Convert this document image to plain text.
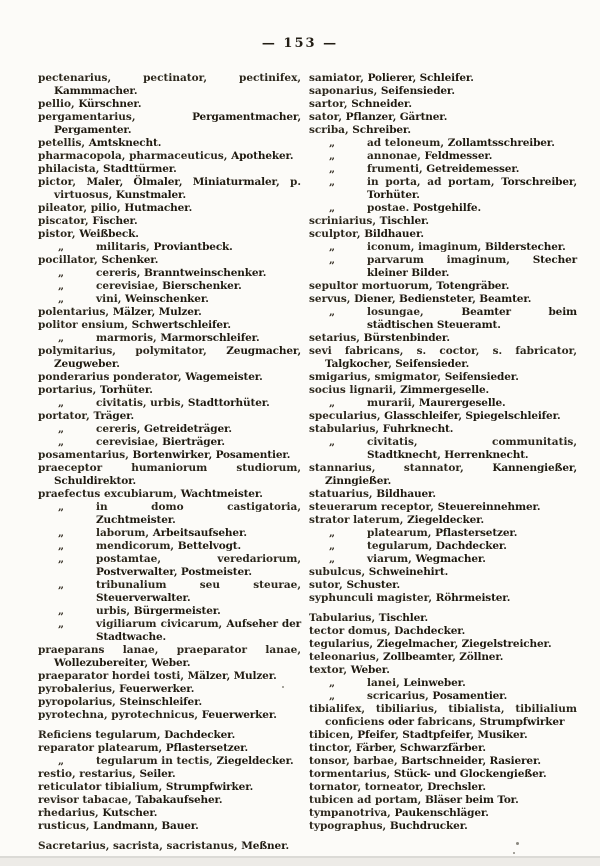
— 153 —
pectenarius, pectinator, pectinifex, Kammmacher.
pellio, Kürschner.
pergamentarius, Pergamentmacher, Pergamenter.
petellis, Amtsknecht.
pharmacopola, pharmaceuticus, Apotheker.
philacista, Stadttürmer.
pictor, Maler, Ölmaler, Miniaturmaler, p. virtuosus, Kunstmaler.
pileator, pilio, Hutmacher.
piscator, Fischer.
pistor, Weißbeck.
„	militaris, Proviantbeck.
pocillator, Schenker.
„	cereris, Branntweinschenker.
„	cerevisiae, Bierschenker.
„	vini, Weinschenker.
polentarius, Mälzer, Mulzer.
politor ensium, Schwertschleifer.
„	marmoris, Marmorschleifer.
polymitarius, polymitator, Zeugmacher, Zeugweber.
ponderarius ponderator, Wagemeister.
portarius, Torhüter.
„	civitatis, urbis, Stadttorhüter.
portator, Träger.
„	cereris, Getreideträger.
„	cerevisiae, Bierträger.
posamentarius, Bortenwirker, Posamentier.
praeceptor humaniorum studiorum, Schuldirektor.
praefectus excubiarum, Wachtmeister.
„	in domo castigatoria, Zuchtmeister.
„	laborum, Arbeitsaufseher.
„	mendicorum, Bettelvogt.
„	postamtae, veredariorum, Postverwalter, Postmeister.
„	tribunalium seu steurae, Steuerverwalter.
„	urbis, Bürgermeister.
„	vigiliarum civicarum, Aufseher der Stadtwache.
praeparans lanae, praeparator lanae, Wollezubereiter, Weber.
praeparator hordei tosti, Mälzer, Mulzer.
pyrobalerius, Feuerwerker.
pyropolarius, Steinschleifer.
pyrotechna, pyrotechnicus, Feuerwerker.
Reficiens tegularum, Dachdecker.
reparator platearum, Pflastersetzer.
„	tegularum in tectis, Ziegeldecker.
restio, restarius, Seiler.
reticulator tibialium, Strumpfwirker.
revisor tabacae, Tabakaufseher.
rhedarius, Kutscher.
rusticus, Landmann, Bauer.
Sacretarius, sacrista, sacristanus, Meßner.
samiator, Polierer, Schleifer.
saponarius, Seifensieder.
sartor, Schneider.
sator, Pflanzer, Gärtner.
scriba, Schreiber.
„	ad teloneum, Zollamtsschreiber.
„	annonae, Feldmesser.
„	frumenti, Getreidemesser.
„	in porta, ad portam, Torschreiber, Torhüter.
„	postae. Postgehilfe.
scriniarius, Tischler.
sculptor, Bildhauer.
„	iconum, imaginum, Bilderstecher.
„	parvarum imaginum, Stecher kleiner Bilder.
sepultor mortuorum, Totengräber.
servus, Diener, Bediensteter, Beamter.
„	losungae, Beamter beim städtischen Steueramt.
setarius, Bürstenbinder.
sevi fabricans, s. coctor, s. fabricator, Talgkocher, Seifensieder.
smigarius, smigmator, Seifensieder.
socius lignarii, Zimmergeselle.
„	murarii, Maurergeselle.
specularius, Glasschleifer, Spiegelschleifer.
stabularius, Fuhrknecht.
„	civitatis, communitatis, Stadtknecht, Herrenknecht.
stannarius, stannator, Kannengießer, Zinngießer.
statuarius, Bildhauer.
steuerarum receptor, Steuereinnehmer.
strator laterum, Ziegeldecker.
„	platearum, Pflastersetzer.
„	tegularum, Dachdecker.
„	viarum, Wegmacher.
subulcus, Schweinehirt.
sutor, Schuster.
syphunculi magister, Röhrmeister.
Tabularius, Tischler.
tector domus, Dachdecker.
tegularius, Ziegelmacher, Ziegelstreicher.
teleonarius, Zollbeamter, Zöllner.
textor, Weber.
„	lanei, Leinweber.
„	scricarius, Posamentier.
tibialifex, tibiliarius, tibialista, tibilialium conficiens oder fabricans, Strumpfwirker
tibicen, Pfeifer, Stadtpfeifer, Musiker.
tinctor, Färber, Schwarzfärber.
tonsor, barbae, Bartschneider, Rasierer.
tormentarius, Stück- und Glockengießer.
tornator, torneator, Drechsler.
tubicen ad portam, Bläser beim Tor.
tympanotriva, Paukenschläger.
typographus, Buchdrucker.
